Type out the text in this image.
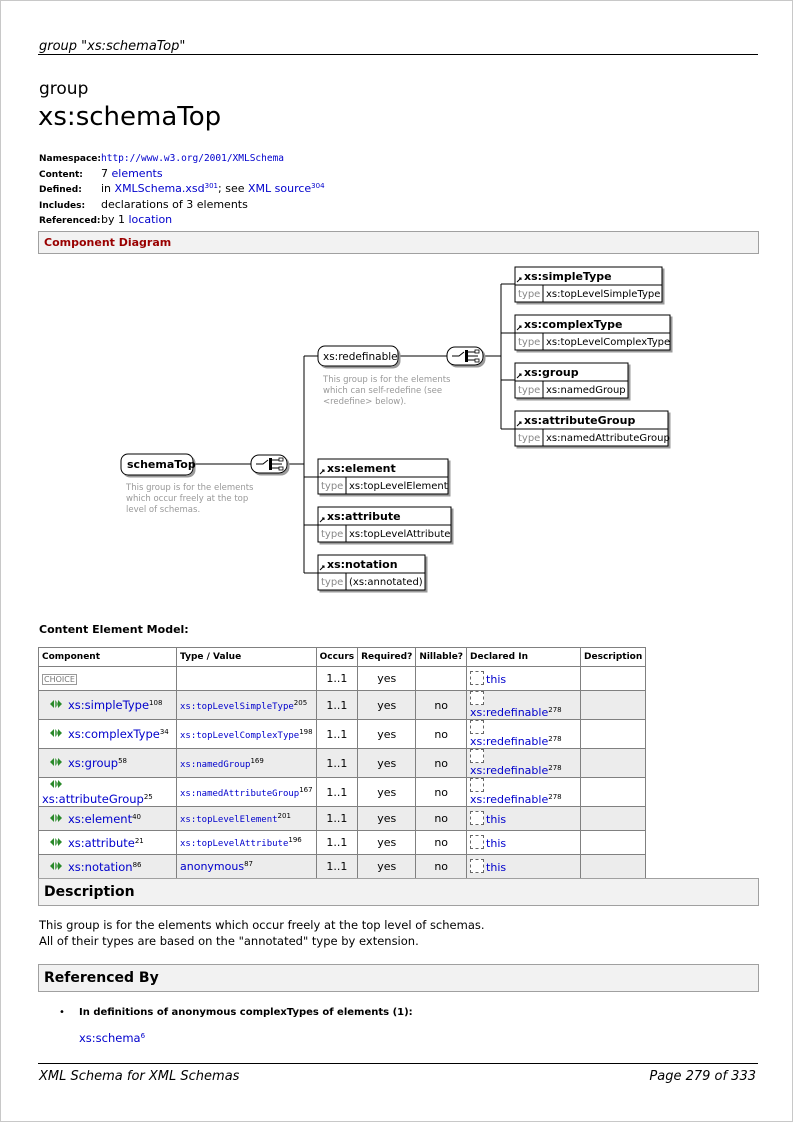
group "xs:schemaTop"
group
xs:schemaTop
Namespace:http://www.w3.org/2001/XMLSchema
Content: 7 elements
Defined: in XMLSchema.xsd$^{301}$; see XML source$^{304}$
Includes: declarations of 3 elements
Referenced:by 1 location
Component Diagram
schemaTop
This group is for the elements
which occur freely at the top
level of schemas.
xs:redefinable
This group is for the elements
which can self-redefine (see
<redefine> below).
xs:simpleType
type xs:topLevelSimpleType
xs:complexType
type xs:topLevelComplexType
xs:group
type xs:namedGroup
xs:attributeGroup
type xs:namedAttributeGroup
xs:element
type xs:topLevelElement
xs:attribute
type xs:topLevelAttribute
xs:notation
type (xs:annotated)
Content Element Model:
Component	Type / Value	Occurs	Required?	Nillable?	Declared In	Description
CHOICE		1..1	yes		this	
xs:simpleType$^{108}$	xs:topLevelSimpleType$^{205}$	1..1	yes	no	xs:redefinable$^{278}$	
xs:complexType$^{34}$	xs:topLevelComplexType$^{198}$	1..1	yes	no	xs:redefinable$^{278}$	
xs:group$^{58}$	xs:namedGroup$^{169}$	1..1	yes	no	xs:redefinable$^{278}$	
xs:attributeGroup$^{25}$	xs:namedAttributeGroup$^{167}$	1..1	yes	no	xs:redefinable$^{278}$	
xs:element$^{40}$	xs:topLevelElement$^{201}$	1..1	yes	no	this	
xs:attribute$^{21}$	xs:topLevelAttribute$^{196}$	1..1	yes	no	this	
xs:notation$^{86}$	anonymous$^{87}$	1..1	yes	no	this	
Description
This group is for the elements which occur freely at the top level of schemas.
All of their types are based on the "annotated" type by extension.
Referenced By
• In definitions of anonymous complexTypes of elements (1):
xs:schema$^6$
XML Schema for XML Schemas	Page 279 of 333
